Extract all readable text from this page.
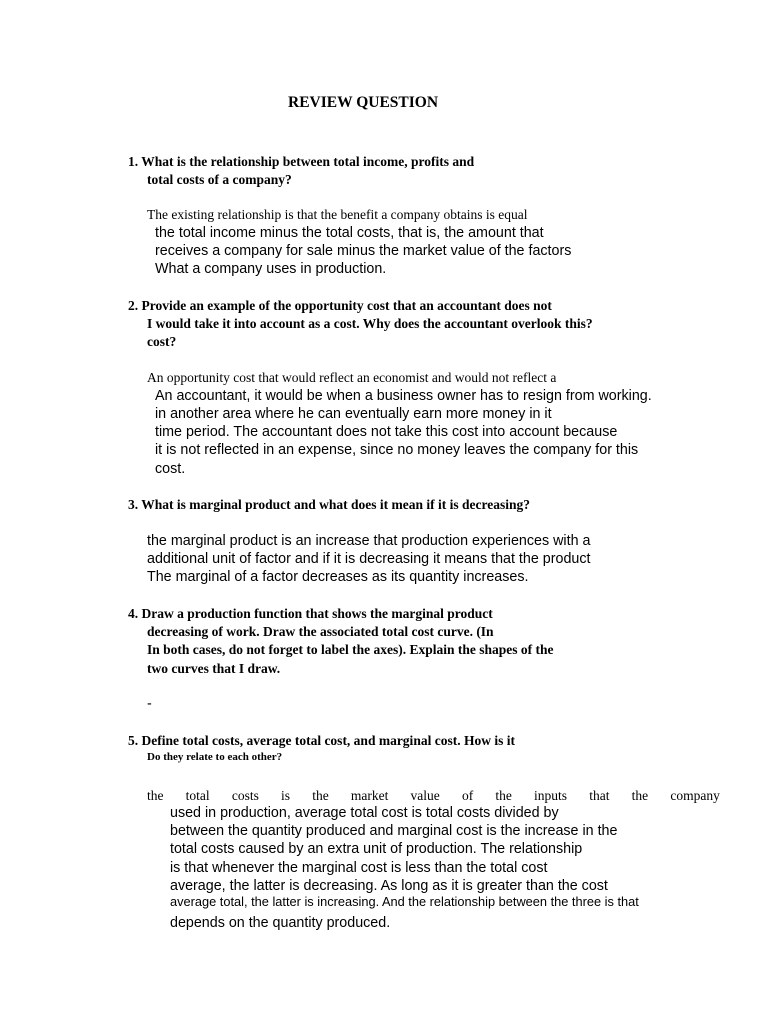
REVIEW QUESTION
1. What is the relationship between total income, profits and
total costs of a company?
The existing relationship is that the benefit a company obtains is equal
the total income minus the total costs, that is, the amount that
receives a company for sale minus the market value of the factors
What a company uses in production.
2. Provide an example of the opportunity cost that an accountant does not
I would take it into account as a cost. Why does the accountant overlook this?
cost?
An opportunity cost that would reflect an economist and would not reflect a
An accountant, it would be when a business owner has to resign from working.
in another area where he can eventually earn more money in it
time period. The accountant does not take this cost into account because
it is not reflected in an expense, since no money leaves the company for this
cost.
3. What is marginal product and what does it mean if it is decreasing?
the marginal product is an increase that production experiences with a
additional unit of factor and if it is decreasing it means that the product
The marginal of a factor decreases as its quantity increases.
4. Draw a production function that shows the marginal product
decreasing of work. Draw the associated total cost curve. (In
In both cases, do not forget to label the axes). Explain the shapes of the
two curves that I draw.
-
5. Define total costs, average total cost, and marginal cost. How is it
Do they relate to each other?
the total costs is the market value of the inputs that the company
used in production, average total cost is total costs divided by
between the quantity produced and marginal cost is the increase in the
total costs caused by an extra unit of production. The relationship
is that whenever the marginal cost is less than the total cost
average, the latter is decreasing. As long as it is greater than the cost
average total, the latter is increasing. And the relationship between the three is that
depends on the quantity produced.
